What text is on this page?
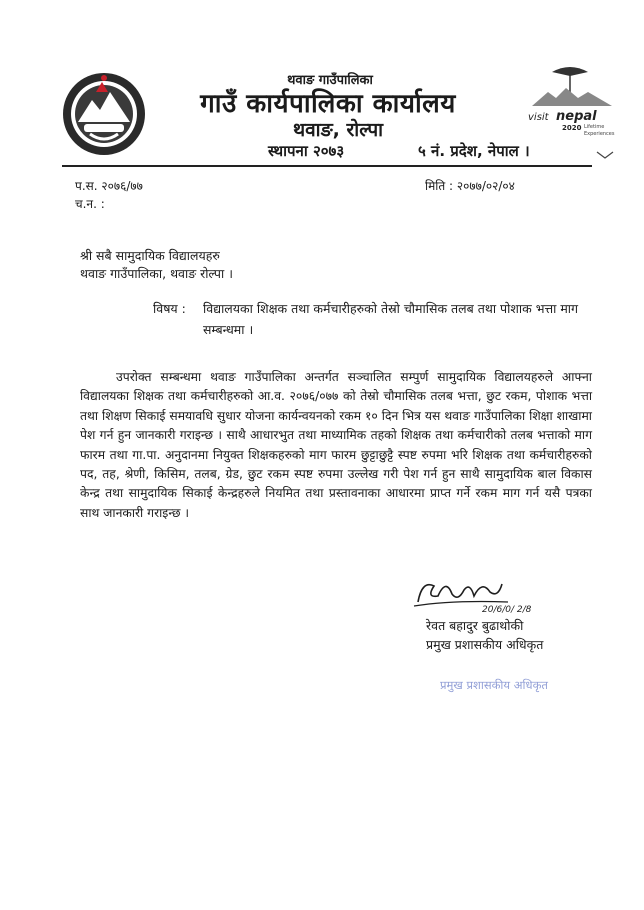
थवाङ गाउँपालिका
गाउँ कार्यपालिका कार्यालय
थवाङ, रोल्पा
स्थापना २०७३	५ नं. प्रदेश, नेपाल ।
visit nepal
2020 Lifetime
Experiences
प.स. २०७६/७७	मिति : २०७७/०२/०४
च.न. :
श्री सबै सामुदायिक विद्यालयहरु
थवाङ गाउँपालिका, थवाङ रोल्पा ।
विषय : विद्यालयका शिक्षक तथा कर्मचारीहरुको तेस्रो चौमासिक तलब तथा पोशाक भत्ता माग सम्बन्धमा ।

उपरोक्त सम्बन्धमा थवाङ गाउँपालिका अन्तर्गत सञ्चालित सम्पुर्ण सामुदायिक विद्यालयहरुले आफ्ना विद्यालयका शिक्षक तथा कर्मचारीहरुको आ.व. २०७६/०७७ को तेस्रो चौमासिक तलब भत्ता, छुट रकम, पोशाक भत्ता तथा शिक्षण सिकाई समयावधि सुधार योजना कार्यन्वयनको रकम १० दिन भित्र यस थवाङ गाउँपालिका शिक्षा शाखामा पेश गर्न हुन जानकारी गराइन्छ । साथै आधारभुत तथा माध्यामिक तहको शिक्षक तथा कर्मचारीको तलब भत्ताको माग फारम तथा गा.पा. अनुदानमा नियुक्त शिक्षकहरुको माग फारम छुट्टाछुट्टै स्पष्ट रुपमा भरि शिक्षक तथा कर्मचारीहरुको पद, तह, श्रेणी, किसिम, तलब, ग्रेड, छुट रकम स्पष्ट रुपमा उल्लेख गरी पेश गर्न हुन साथै सामुदायिक बाल विकास केन्द्र तथा सामुदायिक सिकाई केन्द्रहरुले नियमित तथा प्रस्तावनाका आधारमा प्राप्त गर्ने रकम माग गर्न यसै पत्रका साथ जानकारी गराइन्छ ।

20/6/0/ 2/8
रेवत बहादुर बुढाथोकी
प्रमुख प्रशासकीय अधिकृत
प्रमुख प्रशासकीय अधिकृत
